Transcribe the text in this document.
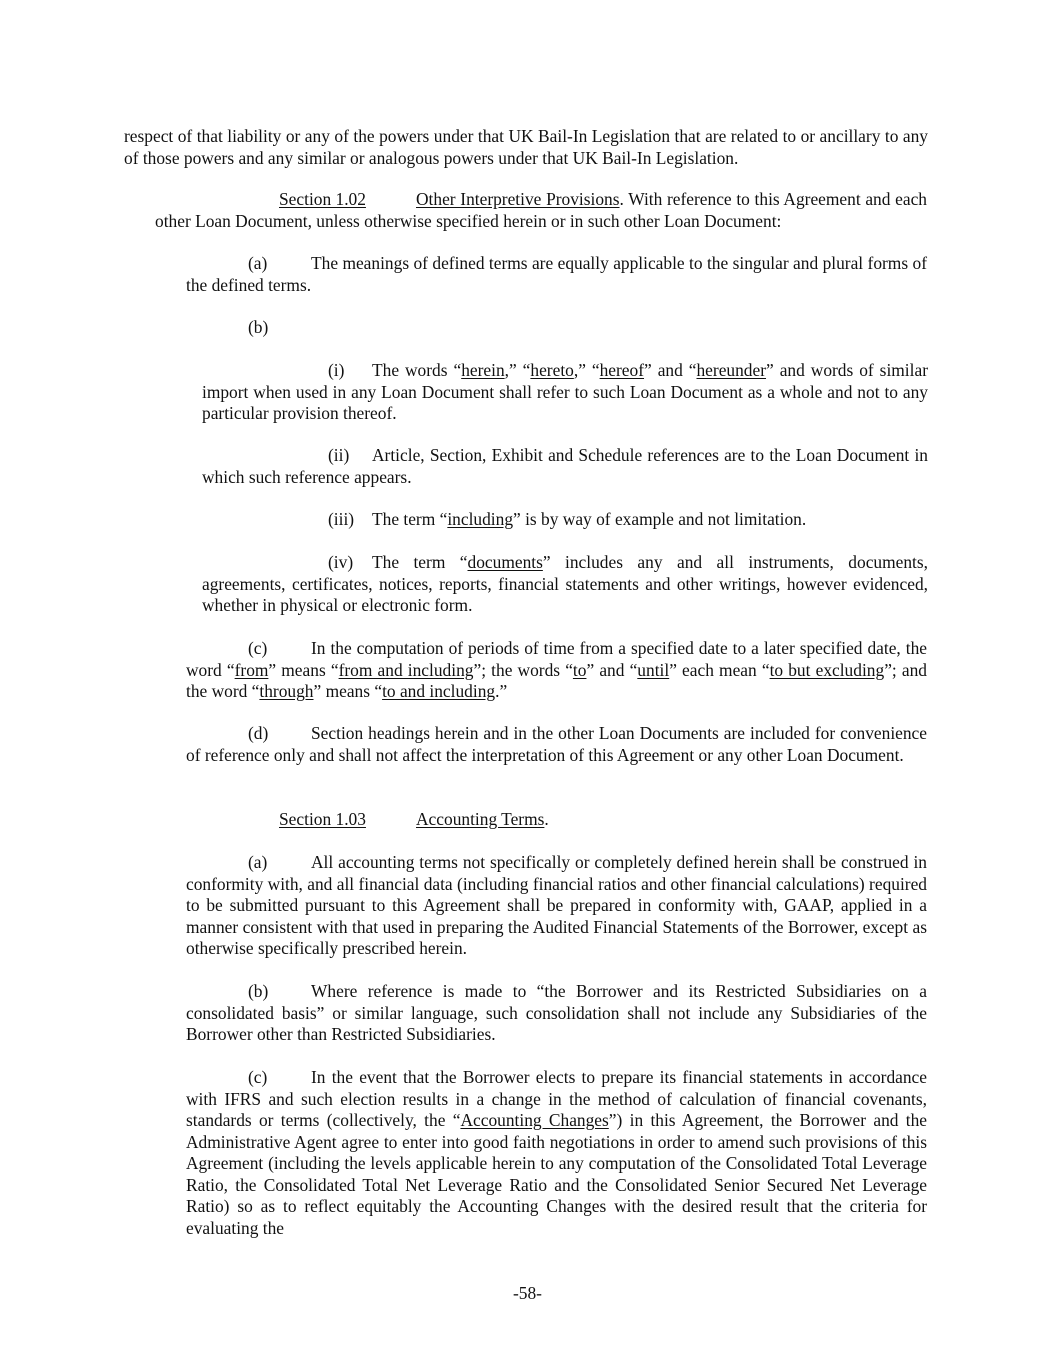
respect of that liability or any of the powers under that UK Bail-In Legislation that are related to or ancillary to any of those powers and any similar or analogous powers under that UK Bail-In Legislation.
Section 1.02	Other Interpretive Provisions. With reference to this Agreement and each other Loan Document, unless otherwise specified herein or in such other Loan Document:
(a)	The meanings of defined terms are equally applicable to the singular and plural forms of the defined terms.
(b)
(i) The words “herein,” “hereto,” “hereof” and “hereunder” and words of similar import when used in any Loan Document shall refer to such Loan Document as a whole and not to any particular provision thereof.
(ii) Article, Section, Exhibit and Schedule references are to the Loan Document in which such reference appears.
(iii) The term “including” is by way of example and not limitation.
(iv) The term “documents” includes any and all instruments, documents, agreements, certificates, notices, reports, financial statements and other writings, however evidenced, whether in physical or electronic form.
(c)	In the computation of periods of time from a specified date to a later specified date, the word “from” means “from and including”; the words “to” and “until” each mean “to but excluding”; and the word “through” means “to and including.”
(d) Section headings herein and in the other Loan Documents are included for convenience of reference only and shall not affect the interpretation of this Agreement or any other Loan Document.
Section 1.03	Accounting Terms.
(a)	All accounting terms not specifically or completely defined herein shall be construed in conformity with, and all financial data (including financial ratios and other financial calculations) required to be submitted pursuant to this Agreement shall be prepared in conformity with, GAAP, applied in a manner consistent with that used in preparing the Audited Financial Statements of the Borrower, except as otherwise specifically prescribed herein.
(b) Where reference is made to “the Borrower and its Restricted Subsidiaries on a consolidated basis” or similar language, such consolidation shall not include any Subsidiaries of the Borrower other than Restricted Subsidiaries.
(c)	In the event that the Borrower elects to prepare its financial statements in accordance with IFRS and such election results in a change in the method of calculation of financial covenants, standards or terms (collectively, the “Accounting Changes”) in this Agreement, the Borrower and the Administrative Agent agree to enter into good faith negotiations in order to amend such provisions of this Agreement (including the levels applicable herein to any computation of the Consolidated Total Leverage Ratio, the Consolidated Total Net Leverage Ratio and the Consolidated Senior Secured Net Leverage Ratio) so as to reflect equitably the Accounting Changes with the desired result that the criteria for evaluating the
-58-
